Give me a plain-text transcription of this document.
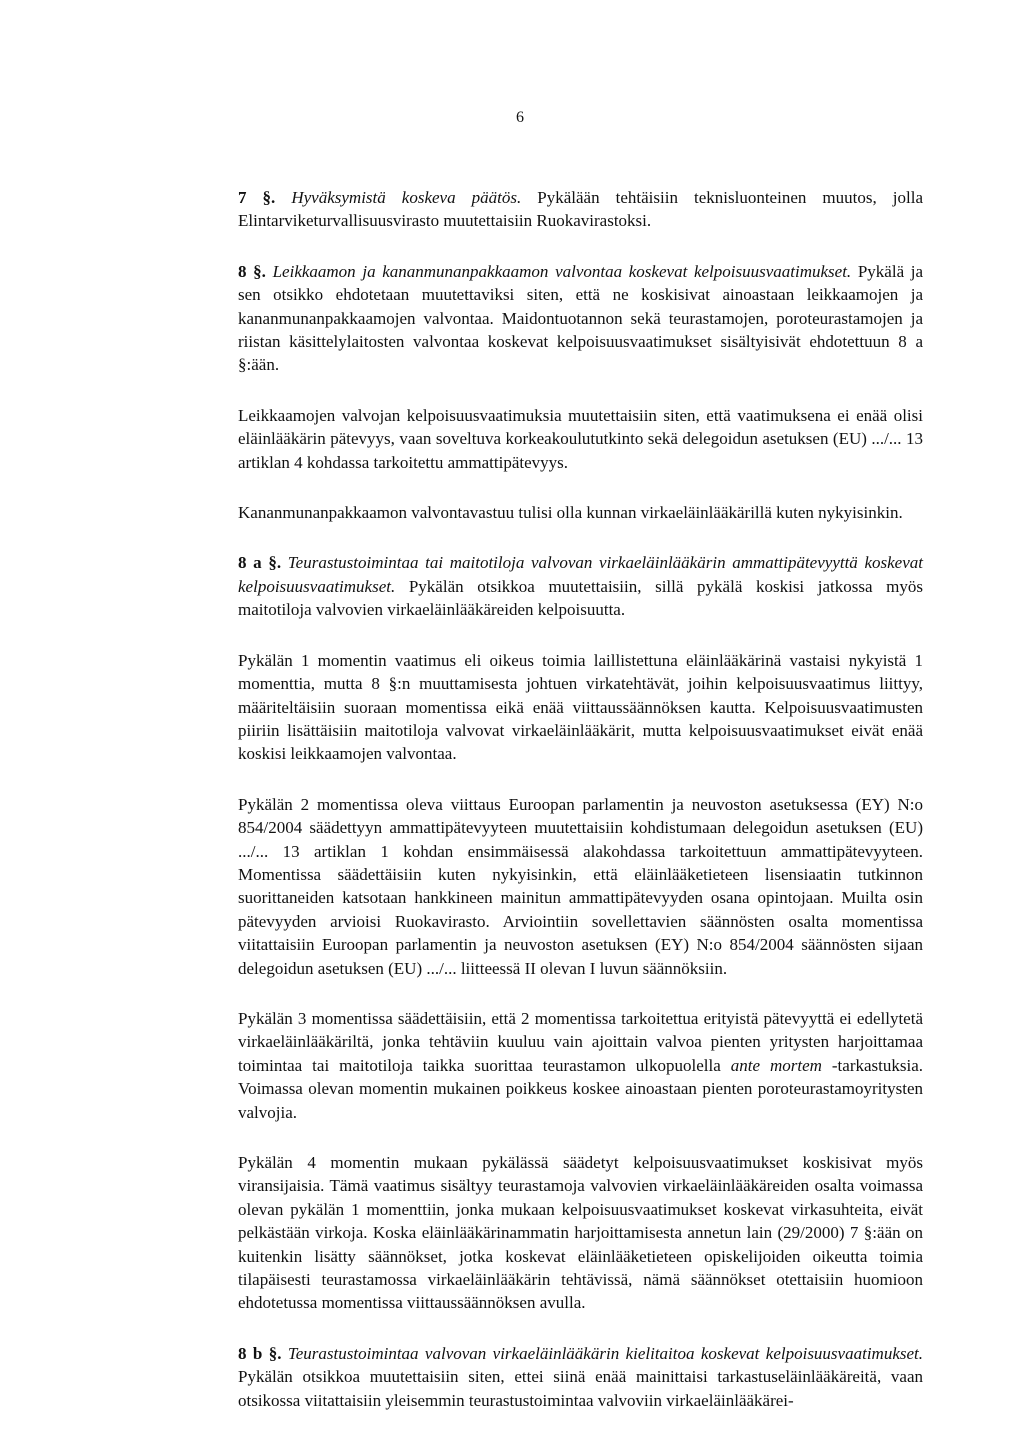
6

7 §. Hyväksymistä koskeva päätös. Pykälään tehtäisiin teknisluonteinen muutos, jolla Elintarviketurvallisuusvirasto muutettaisiin Ruokavirastoksi.

8 §. Leikkaamon ja kananmunanpakkaamon valvontaa koskevat kelpoisuusvaatimukset. Pykälä ja sen otsikko ehdotetaan muutettaviksi siten, että ne koskisivat ainoastaan leikkaamojen ja kananmunanpakkaamojen valvontaa. Maidontuotannon sekä teurastamojen, poroteurastamojen ja riistan käsittelylaitosten valvontaa koskevat kelpoisuusvaatimukset sisältyisivät ehdotettuun 8 a §:ään.

Leikkaamojen valvojan kelpoisuusvaatimuksia muutettaisiin siten, että vaatimuksena ei enää olisi eläinlääkärin pätevyys, vaan soveltuva korkeakoulututkinto sekä delegoidun asetuksen (EU) .../... 13 artiklan 4 kohdassa tarkoitettu ammattipätevyys.

Kananmunanpakkaamon valvontavastuu tulisi olla kunnan virkaeläinlääkärillä kuten nykyisinkin.

8 a §. Teurastustoimintaa tai maitotiloja valvovan virkaeläinlääkärin ammattipätevyyttä koskevat kelpoisuusvaatimukset. Pykälän otsikkoa muutettaisiin, sillä pykälä koskisi jatkossa myös maitotiloja valvovien virkaeläinlääkäreiden kelpoisuutta.

Pykälän 1 momentin vaatimus eli oikeus toimia laillistettuna eläinlääkärinä vastaisi nykyistä 1 momenttia, mutta 8 §:n muuttamisesta johtuen virkatehtävät, joihin kelpoisuusvaatimus liittyy, määriteltäisiin suoraan momentissa eikä enää viittaussäännöksen kautta. Kelpoisuusvaatimusten piiriin lisättäisiin maitotiloja valvovat virkaeläinlääkärit, mutta kelpoisuusvaatimukset eivät enää koskisi leikkaamojen valvontaa.

Pykälän 2 momentissa oleva viittaus Euroopan parlamentin ja neuvoston asetuksessa (EY) N:o 854/2004 säädettyyn ammattipätevyyteen muutettaisiin kohdistumaan delegoidun asetuksen (EU) .../... 13 artiklan 1 kohdan ensimmäisessä alakohdassa tarkoitettuun ammattipätevyyteen. Momentissa säädettäisiin kuten nykyisinkin, että eläinlääketieteen lisensiaatin tutkinnon suorittaneiden katsotaan hankkineen mainitun ammattipätevyyden osana opintojaan. Muilta osin pätevyyden arvioisi Ruokavirasto. Arviointiin sovellettavien säännösten osalta momentissa viitattaisiin Euroopan parlamentin ja neuvoston asetuksen (EY) N:o 854/2004 säännösten sijaan delegoidun asetuksen (EU) .../... liitteessä II olevan I luvun säännöksiin.

Pykälän 3 momentissa säädettäisiin, että 2 momentissa tarkoitettua erityistä pätevyyttä ei edellytetä virkaeläinlääkäriltä, jonka tehtäviin kuuluu vain ajoittain valvoa pienten yritysten harjoittamaa toimintaa tai maitotiloja taikka suorittaa teurastamon ulkopuolella ante mortem -tarkastuksia. Voimassa olevan momentin mukainen poikkeus koskee ainoastaan pienten poroteurastamoyritysten valvojia.

Pykälän 4 momentin mukaan pykälässä säädetyt kelpoisuusvaatimukset koskisivat myös viransijaisia. Tämä vaatimus sisältyy teurastamoja valvovien virkaeläinlääkäreiden osalta voimassa olevan pykälän 1 momenttiin, jonka mukaan kelpoisuusvaatimukset koskevat virkasuhteita, eivät pelkästään virkoja. Koska eläinlääkärinammatin harjoittamisesta annetun lain (29/2000) 7 §:ään on kuitenkin lisätty säännökset, jotka koskevat eläinlääketieteen opiskelijoiden oikeutta toimia tilapäisesti teurastamossa virkaeläinlääkärin tehtävissä, nämä säännökset otettaisiin huomioon ehdotetussa momentissa viittaussäännöksen avulla.

8 b §. Teurastustoimintaa valvovan virkaeläinlääkärin kielitaitoa koskevat kelpoisuusvaatimukset. Pykälän otsikkoa muutettaisiin siten, ettei siinä enää mainittaisi tarkastuseläinlääkäreitä, vaan otsikossa viitattaisiin yleisemmin teurastustoimintaa valvoviin virkaeläinlääkärei-
